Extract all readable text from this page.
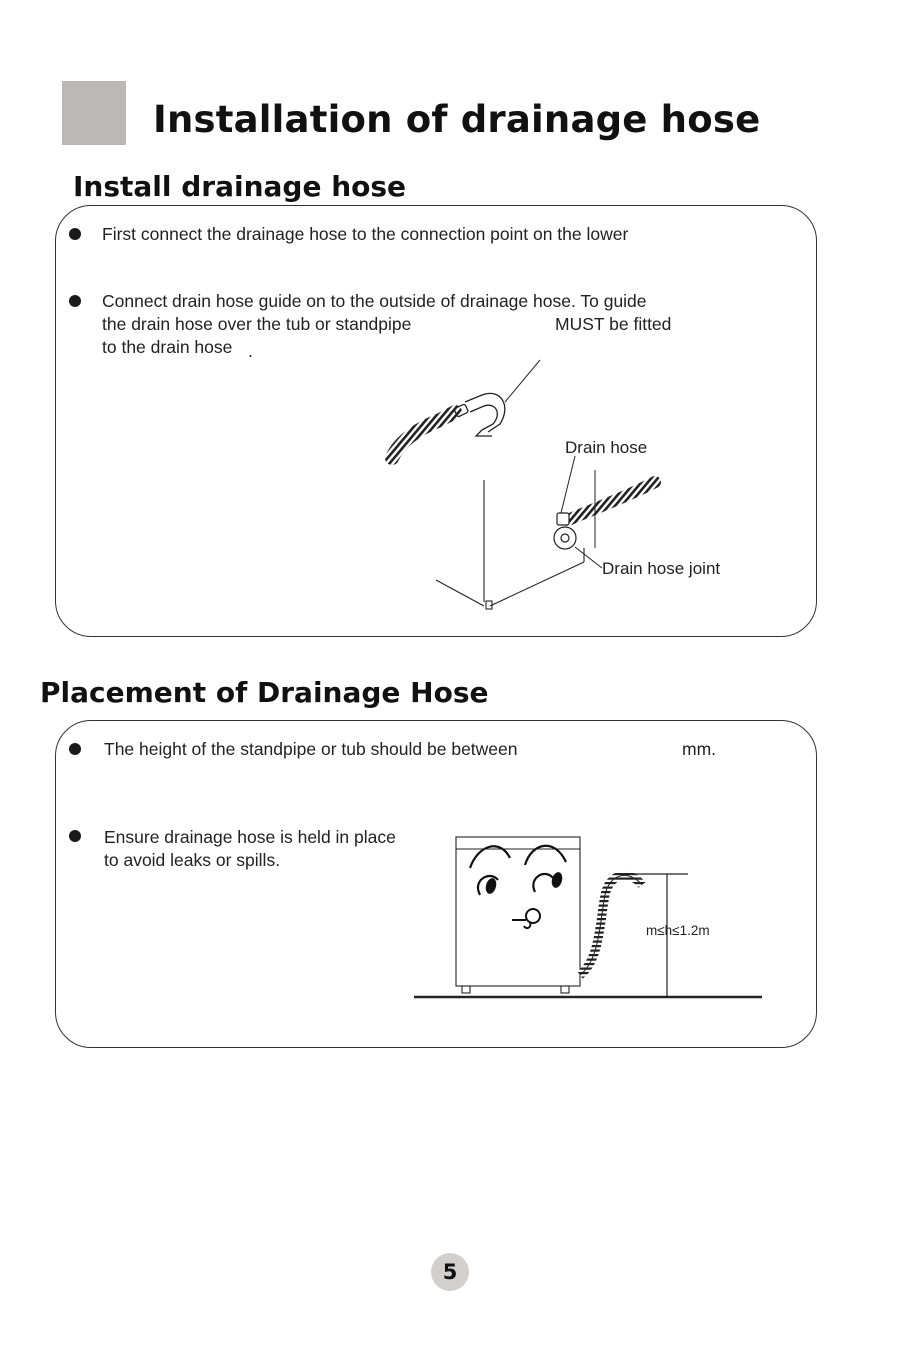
Installation of drainage hose
Install drainage hose
First connect the drainage hose to the connection point on the lower
Connect drain hose guide on to the outside of drainage hose. To guide
the drain hose over the tub or standpipe	MUST be fitted
to the drain hose .
Drain hose
Drain hose joint
Placement of Drainage Hose
The height of the standpipe or tub should be between	mm.
Ensure drainage hose is held in place
to avoid leaks or spills.
m≤h≤1.2m
5
